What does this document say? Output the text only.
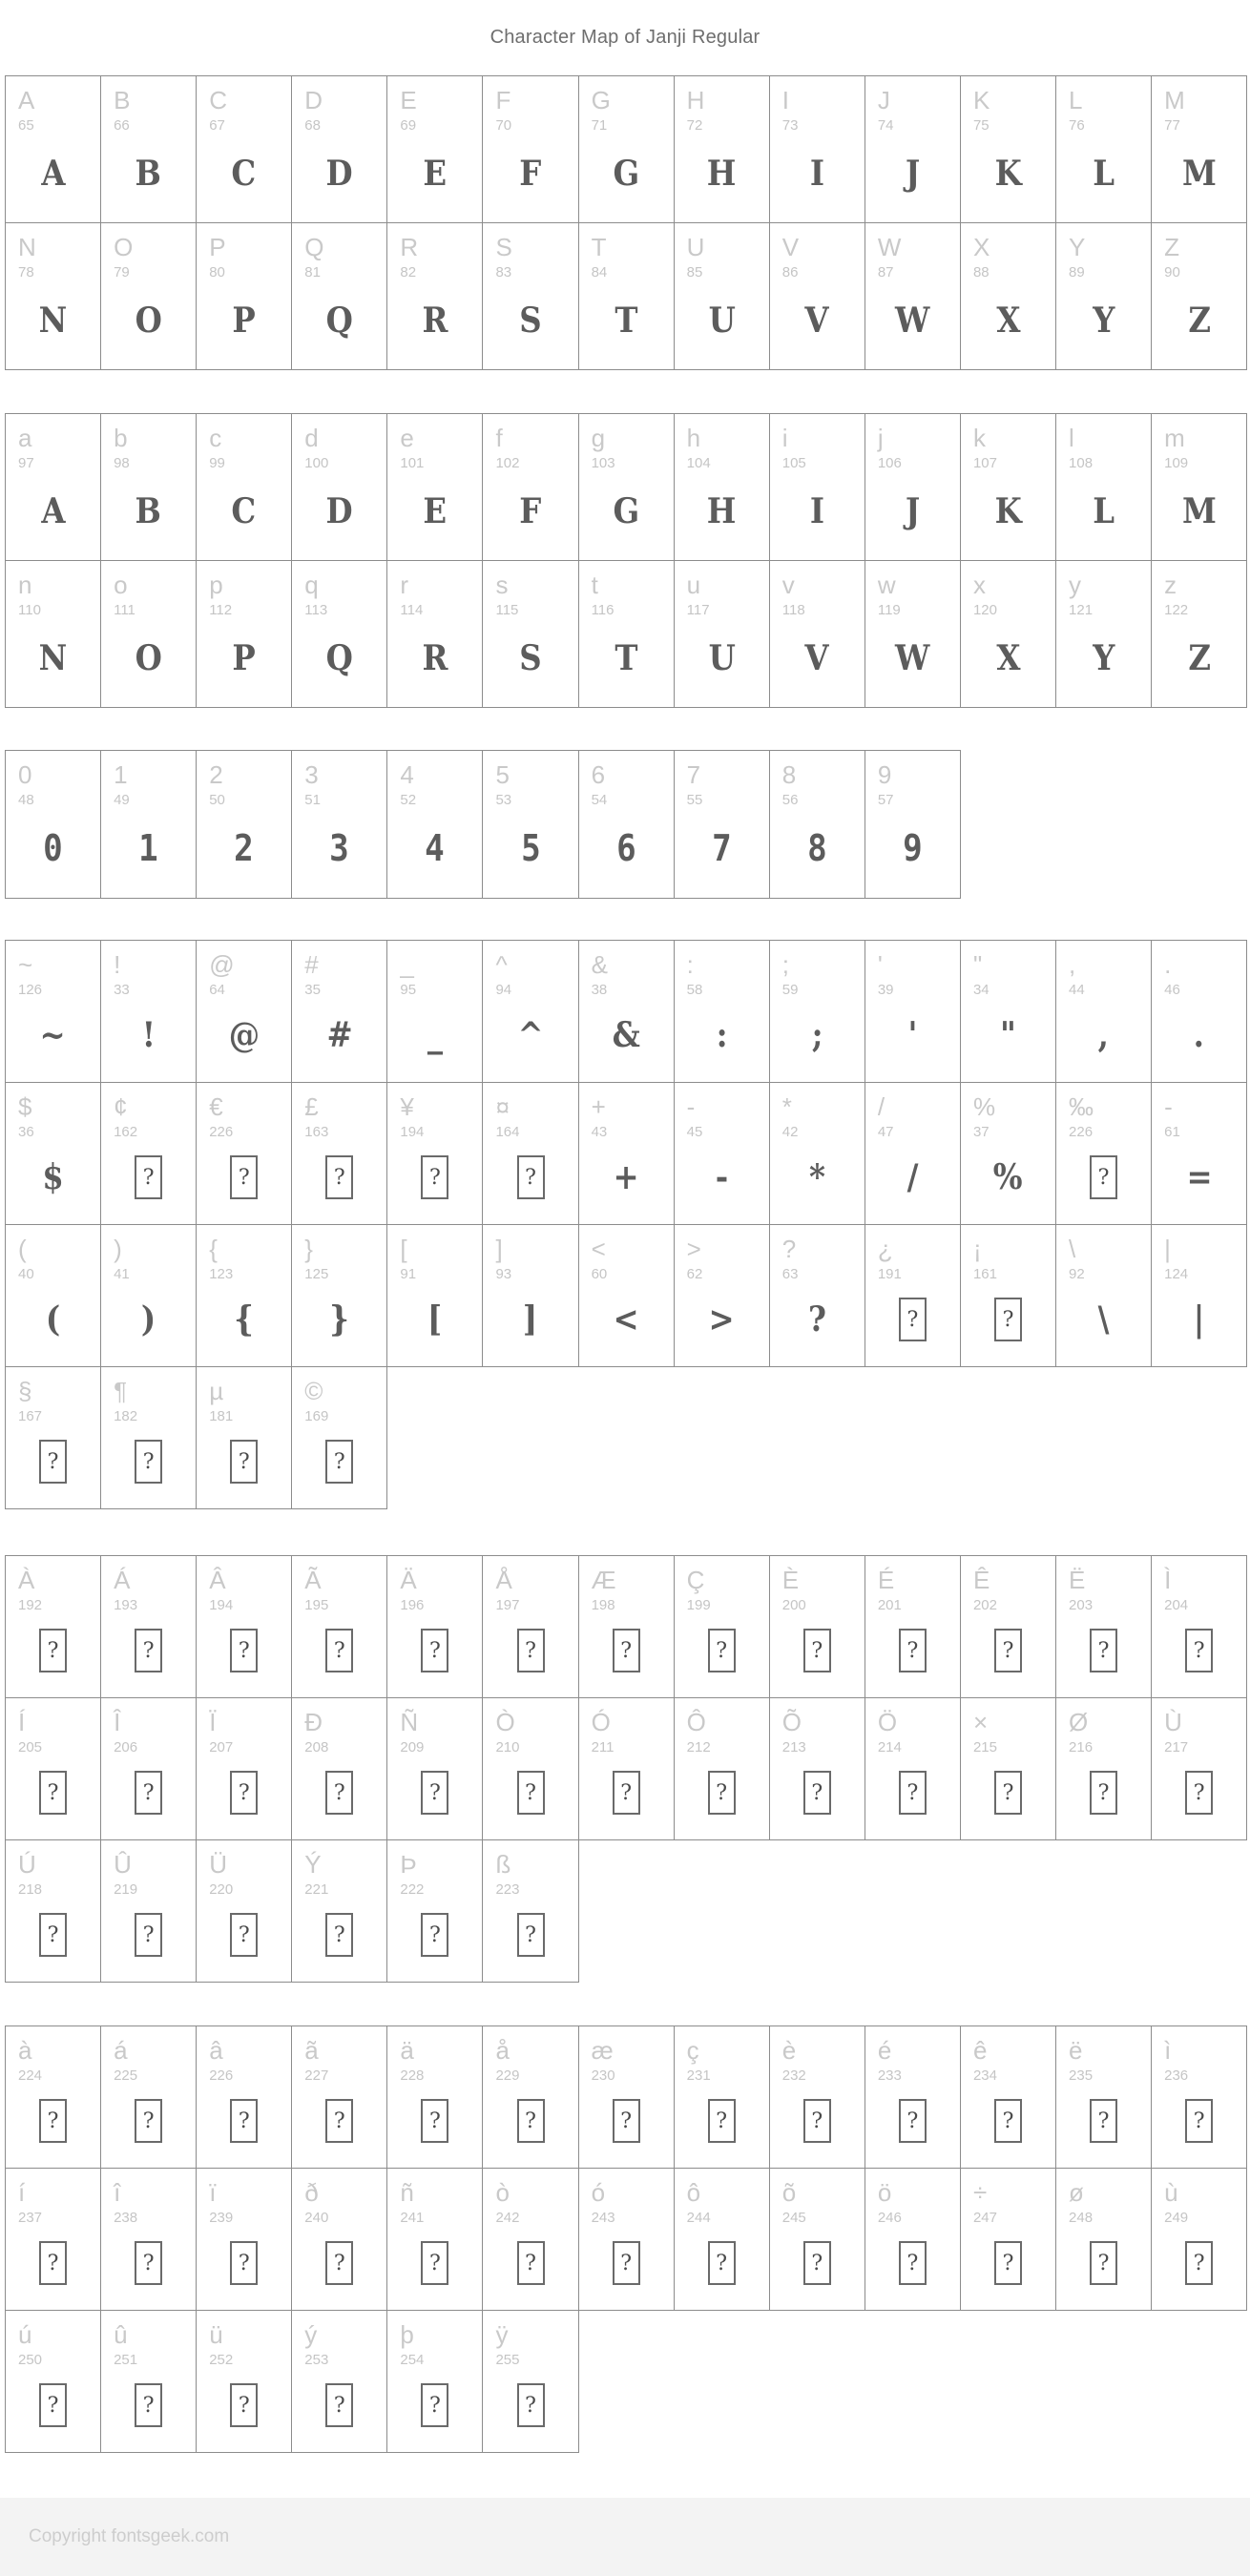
Character Map of Janji Regular
A
65
A
B
66
B
C
67
C
D
68
D
E
69
E
F
70
F
G
71
G
H
72
H
I
73
I
J
74
J
K
75
K
L
76
L
M
77
M
N
78
N
O
79
O
P
80
P
Q
81
Q
R
82
R
S
83
S
T
84
T
U
85
U
V
86
V
W
87
W
X
88
X
Y
89
Y
Z
90
Z
a
97
A
b
98
B
c
99
C
d
100
D
e
101
E
f
102
F
g
103
G
h
104
H
i
105
I
j
106
J
k
107
K
l
108
L
m
109
M
n
110
N
o
111
O
p
112
P
q
113
Q
r
114
R
s
115
S
t
116
T
u
117
U
v
118
V
w
119
W
x
120
X
y
121
Y
z
122
Z
0
48
0
1
49
1
2
50
2
3
51
3
4
52
4
5
53
5
6
54
6
7
55
7
8
56
8
9
57
9
~
126
~
!
33
!
@
64
@
#
35
#
_
95
_
^
94
^
&
38
&
:
58
:
;
59
;
'
39
'
"
34
"
,
44
,
.
46
.
$
36
$
¢
162
?
€
226
?
£
163
?
¥
194
?
¤
164
?
+
43
+
-
45
-
*
42
*
/
47
/
%
37
%
‰
226
?
-
61
=
(
40
(
)
41
)
{
123
{
}
125
}
[
91
[
]
93
]
<
60
<
>
62
>
?
63
?
¿
191
?
¡
161
?
\
92
\
|
124
|
§
167
?
¶
182
?
µ
181
?
©
169
?
À
192
?
Á
193
?
Â
194
?
Ã
195
?
Ä
196
?
Å
197
?
Æ
198
?
Ç
199
?
È
200
?
É
201
?
Ê
202
?
Ë
203
?
Ì
204
?
Í
205
?
Î
206
?
Ï
207
?
Ð
208
?
Ñ
209
?
Ò
210
?
Ó
211
?
Ô
212
?
Õ
213
?
Ö
214
?
×
215
?
Ø
216
?
Ù
217
?
Ú
218
?
Û
219
?
Ü
220
?
Ý
221
?
Þ
222
?
ß
223
?
à
224
?
á
225
?
â
226
?
ã
227
?
ä
228
?
å
229
?
æ
230
?
ç
231
?
è
232
?
é
233
?
ê
234
?
ë
235
?
ì
236
?
í
237
?
î
238
?
ï
239
?
ð
240
?
ñ
241
?
ò
242
?
ó
243
?
ô
244
?
õ
245
?
ö
246
?
÷
247
?
ø
248
?
ù
249
?
ú
250
?
û
251
?
ü
252
?
ý
253
?
þ
254
?
ÿ
255
?
Copyright fontsgeek.com
